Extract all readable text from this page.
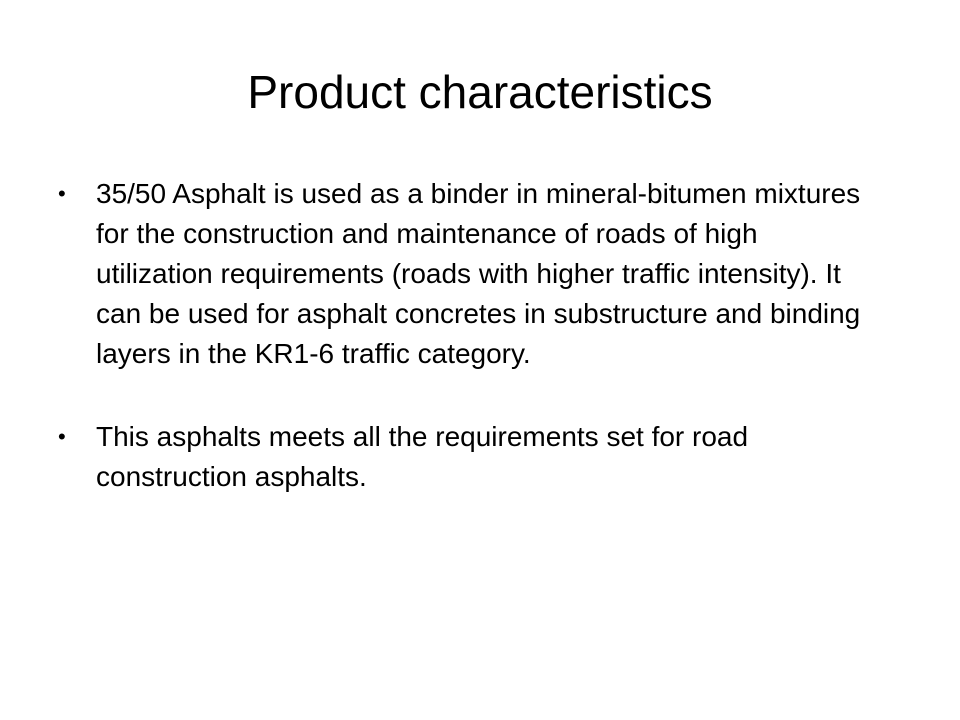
Product characteristics
•	35/50 Asphalt is used as a binder in mineral-bitumen mixtures for the construction and maintenance of roads of high utilization requirements (roads with higher traffic intensity). It can be used for asphalt concretes in substructure and binding layers in the KR1-6 traffic category.
•	This asphalts meets all the requirements set for road construction asphalts.
